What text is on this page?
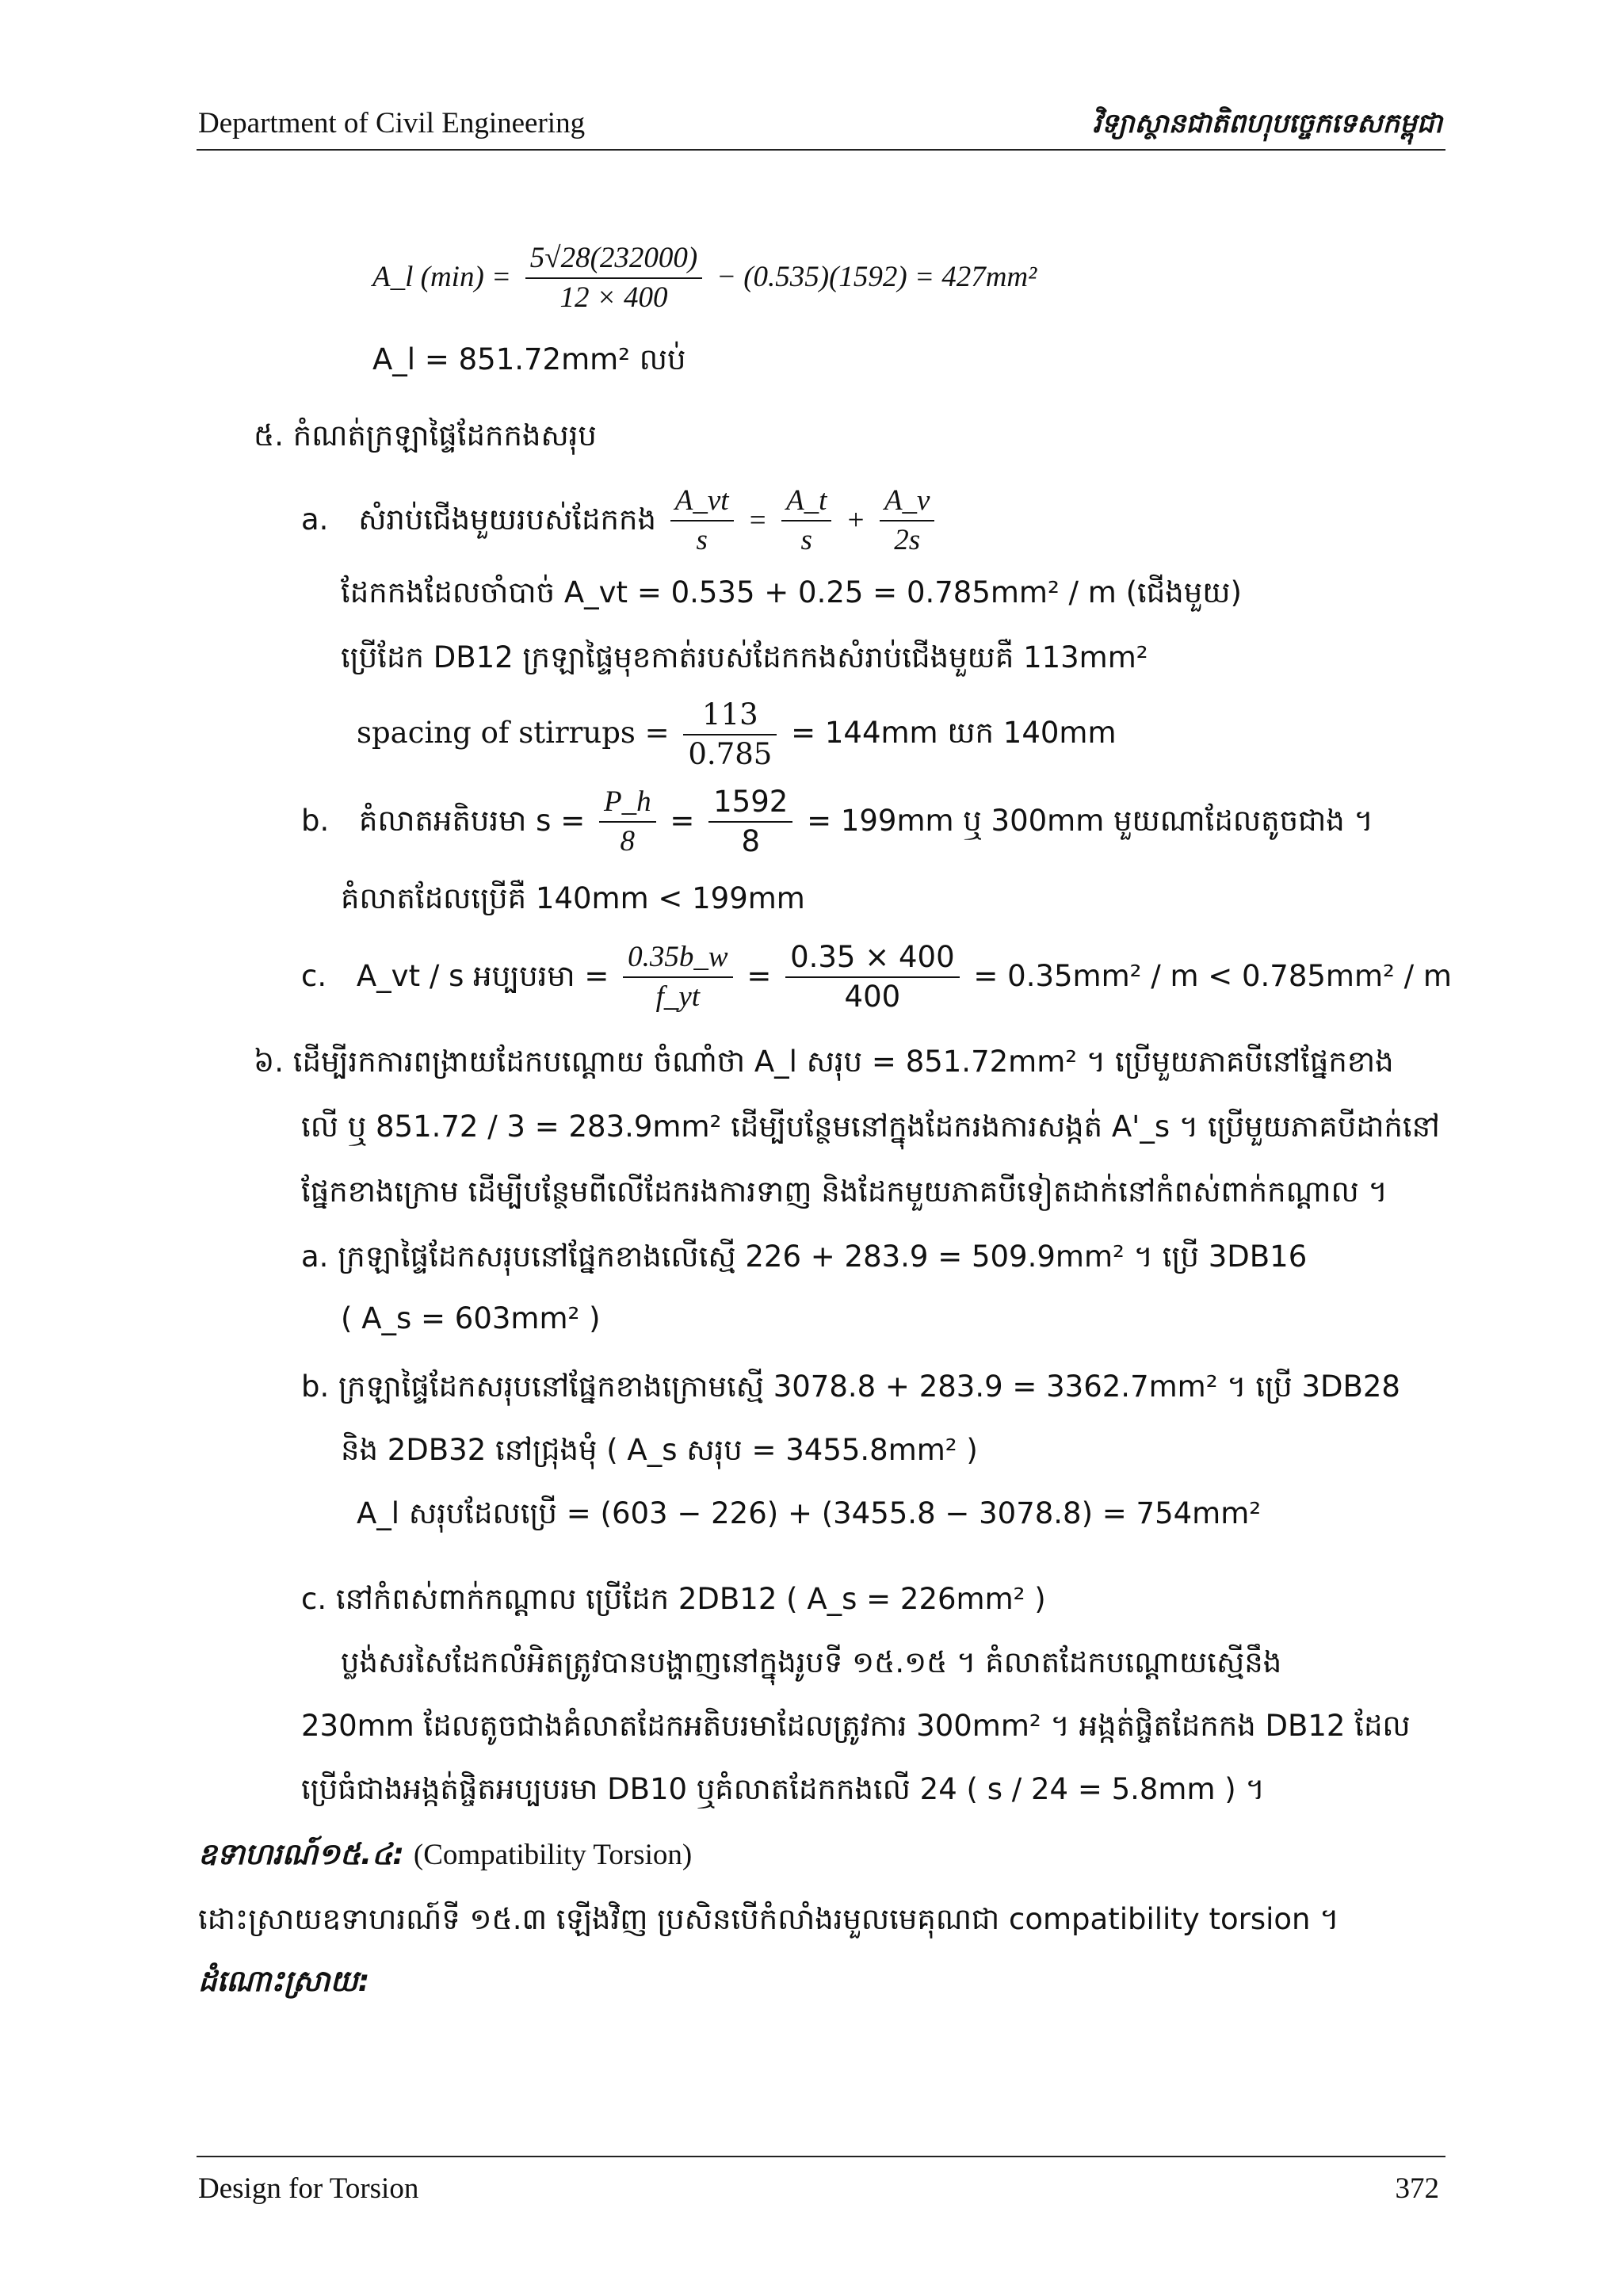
Department of Civil Engineering	វិទ្យាស្ថានជាតិពហុបច្ចេកទេសកម្ពុជា
A_l $(\min) = \frac{5√28(232000)}{12 \times 400} - (0.535)(1592) = 427mm^2$
A_l = 851.72mm² លប់
៥. កំណត់ក្រឡាផ្ទៃដែកកងសរុប
a. សំរាប់ជើងមួយរបស់ដែកកង $\frac{A\_vt}{s} = \frac{A\_t}{s} + \frac{A\_v}{2s}$
ដែកកងដែលចាំបាច់ A_vt = 0.535 + 0.25 = 0.785mm² / m (ជើងមួយ)
ប្រើដែក DB12 ក្រឡាផ្ទៃមុខកាត់របស់ដែកកងសំរាប់ជើងមួយគឺ 113mm²
spacing of stirrups = $\frac{113}{0.785} = 144mm$ យក 140mm
b. គំលាតអតិបរមា $s = \frac{P\_h}{8} = \frac{1592}{8} = 199mm$ ឬ 300mm មួយណាដែលតូចជាង ។
គំលាតដែលប្រើគឺ 140mm < 199mm
c. A_vt / s អប្បបរមា = $\frac{0.35b\_w}{f\_yt} = \frac{0.35 \times 400}{400} = 0.35mm^2 / m < 0.785mm^2 / m$
៦. ដើម្បីរកការពង្រាយដែកបណ្តោយ ចំណាំថា A_l សរុប = 851.72mm² ។ ប្រើមួយភាគបីនៅផ្នែកខាង
លើ ឬ 851.72 / 3 = 283.9mm² ដើម្បីបន្ថែមនៅក្នុងដែករងការសង្កត់ A'_s ។ ប្រើមួយភាគបីដាក់នៅ
ផ្នែកខាងក្រោម ដើម្បីបន្ថែមពីលើដែករងការទាញ និងដែកមួយភាគបីទៀតដាក់នៅកំពស់ពាក់កណ្តាល ។
a. ក្រឡាផ្ទៃដែកសរុបនៅផ្នែកខាងលើស្មើ 226 + 283.9 = 509.9mm² ។ ប្រើ 3DB16
( A_s = 603mm² )
b. ក្រឡាផ្ទៃដែកសរុបនៅផ្នែកខាងក្រោមស្មើ 3078.8 + 283.9 = 3362.7mm² ។ ប្រើ 3DB28
និង 2DB32 នៅជ្រុងមុំ ( A_s សរុប = 3455.8mm² )
A_l សរុបដែលប្រើ = (603 − 226) + (3455.8 − 3078.8) = 754mm²
c. នៅកំពស់ពាក់កណ្តាល ប្រើដែក 2DB12 ( A_s = 226mm² )
ប្លង់សរសៃដែកលំអិតត្រូវបានបង្ហាញនៅក្នុងរូបទី ១៥.១៥ ។ គំលាតដែកបណ្តោយស្មើនឹង
230mm ដែលតូចជាងគំលាតដែកអតិបរមាដែលត្រូវការ 300mm² ។ អង្កត់ផ្ចិតដែកកង DB12 ដែល
ប្រើធំជាងអង្កត់ផ្ចិតអប្បបរមា DB10 ឬគំលាតដែកកងលើ 24 ( s / 24 = 5.8mm ) ។
ឧទាហរណ៍១៥.៤: (Compatibility Torsion)
ដោះស្រាយឧទាហរណ៍ទី ១៥.៣ ឡើងវិញ ប្រសិនបើកំលាំងរមួលមេគុណជា compatibility torsion ។
ដំណោះស្រាយ:
Design for Torsion	372
